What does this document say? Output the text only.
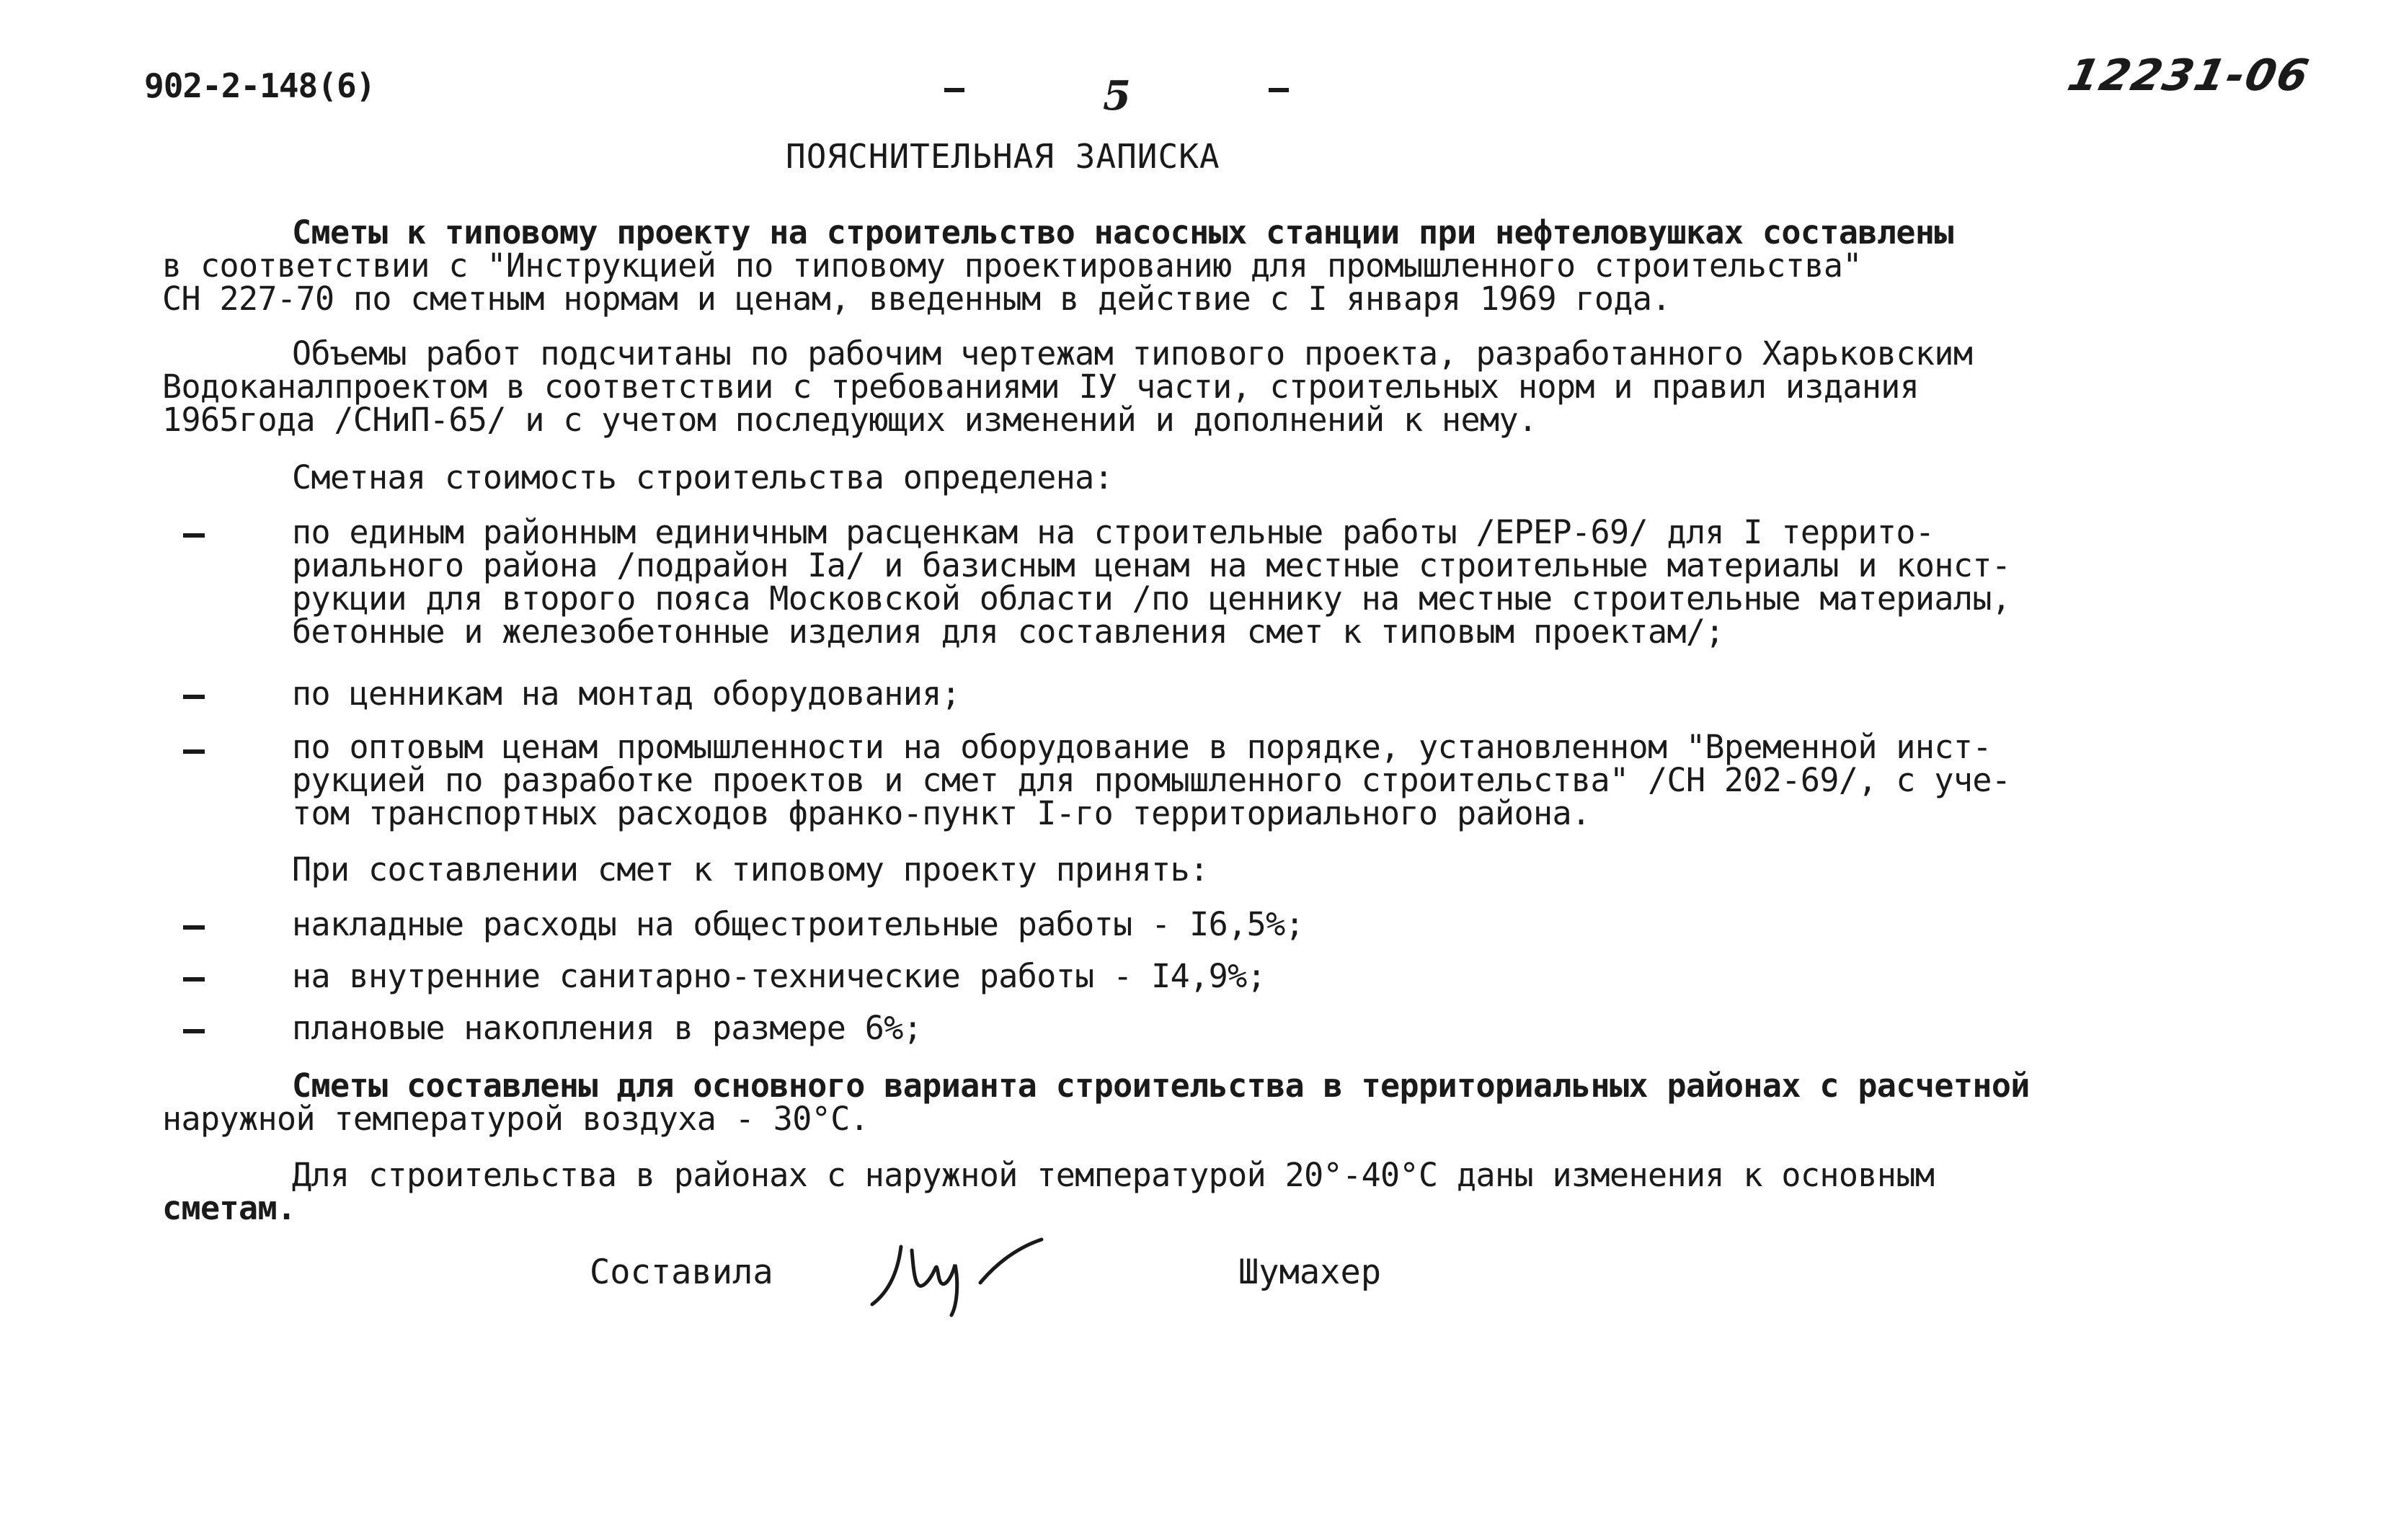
902-2-148(6)	5	12231-06
ПОЯСНИТЕЛЬНАЯ ЗАПИСКА
Сметы к типовому проекту на строительство насосных станции при нефтеловушках составлены
в соответствии с "Инструкцией по типовому проектированию для промышленного строительства"
СН 227-70 по сметным нормам и ценам, введенным в действие с I января 1969 года.
Объемы работ подсчитаны по рабочим чертежам типового проекта, разработанного Харьковским
Водоканалпроектом в соответствии с требованиями IУ части, строительных норм и правил издания
1965года /СНиП-65/ и с учетом последующих изменений и дополнений к нему.
Сметная стоимость строительства определена:
по единым районным единичным расценкам на строительные работы /ЕРЕР-69/ для I террито-
риального района /подрайон Iа/ и базисным ценам на местные строительные материалы и конст-
рукции для второго пояса Московской области /по ценнику на местные строительные материалы,
бетонные и железобетонные изделия для составления смет к типовым проектам/;
по ценникам на монтад оборудования;
по оптовым ценам промышленности на оборудование в порядке, установленном "Временной инст-
рукцией по разработке проектов и смет для промышленного строительства" /СН 202-69/, с уче-
том транспортных расходов франко-пункт I-го территориального района.
При составлении смет к типовому проекту принять:
накладные расходы на общестроительные работы - I6,5%;
на внутренние санитарно-технические работы - I4,9%;
плановые накопления в размере 6%;
Сметы составлены для основного варианта строительства в территориальных районах с расчетной
наружной температурой воздуха - 30°С.
Для строительства в районах с наружной температурой 20°-40°С даны изменения к основным
сметам.
Составила	Шумахер
